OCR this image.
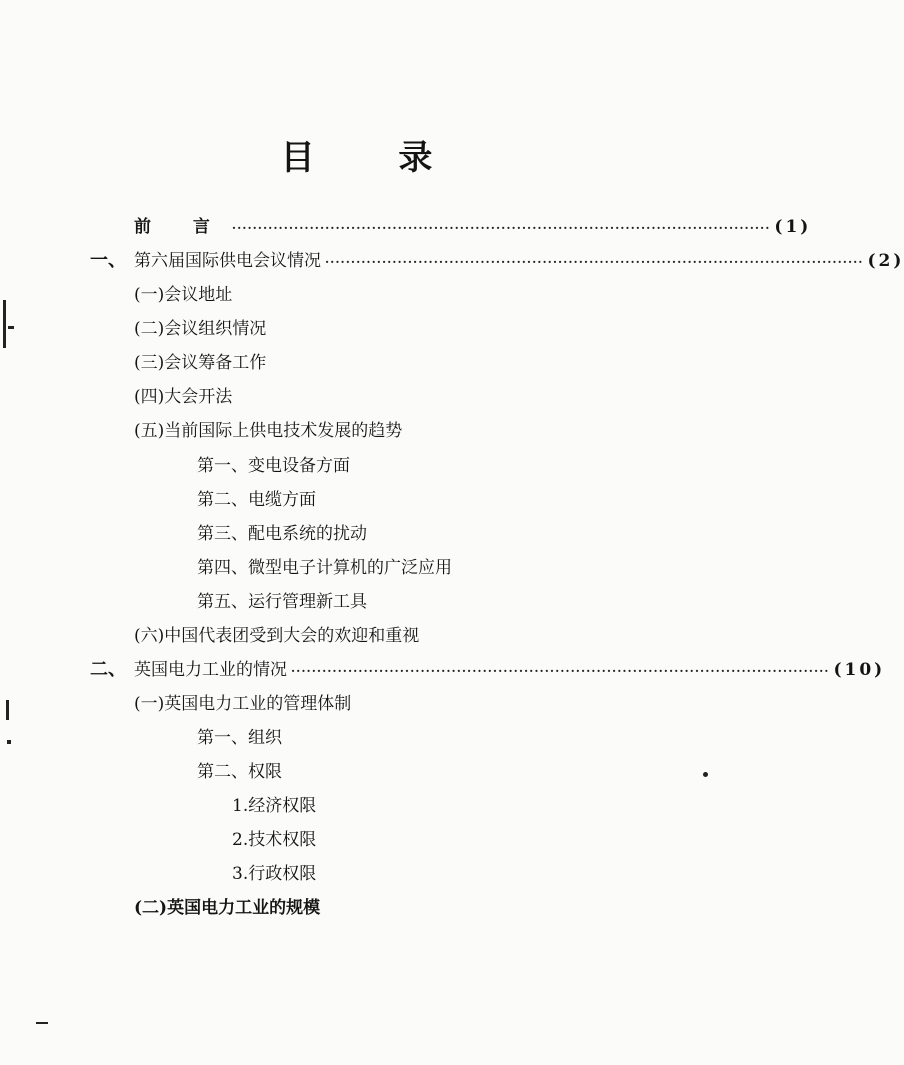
目 录
前 言 ········································································································ (1)
一、 第六届国际供电会议情况 ········································································································ (2)
(一)会议地址
(二)会议组织情况
(三)会议筹备工作
(四)大会开法
(五)当前国际上供电技术发展的趋势
第一、变电设备方面
第二、电缆方面
第三、配电系统的扰动
第四、微型电子计算机的广泛应用
第五、运行管理新工具
(六)中国代表团受到大会的欢迎和重视
二、 英国电力工业的情况 ········································································································ (10)
(一)英国电力工业的管理体制
第一、组织
第二、权限
1.经济权限
2.技术权限
3.行政权限
(二)英国电力工业的规模
